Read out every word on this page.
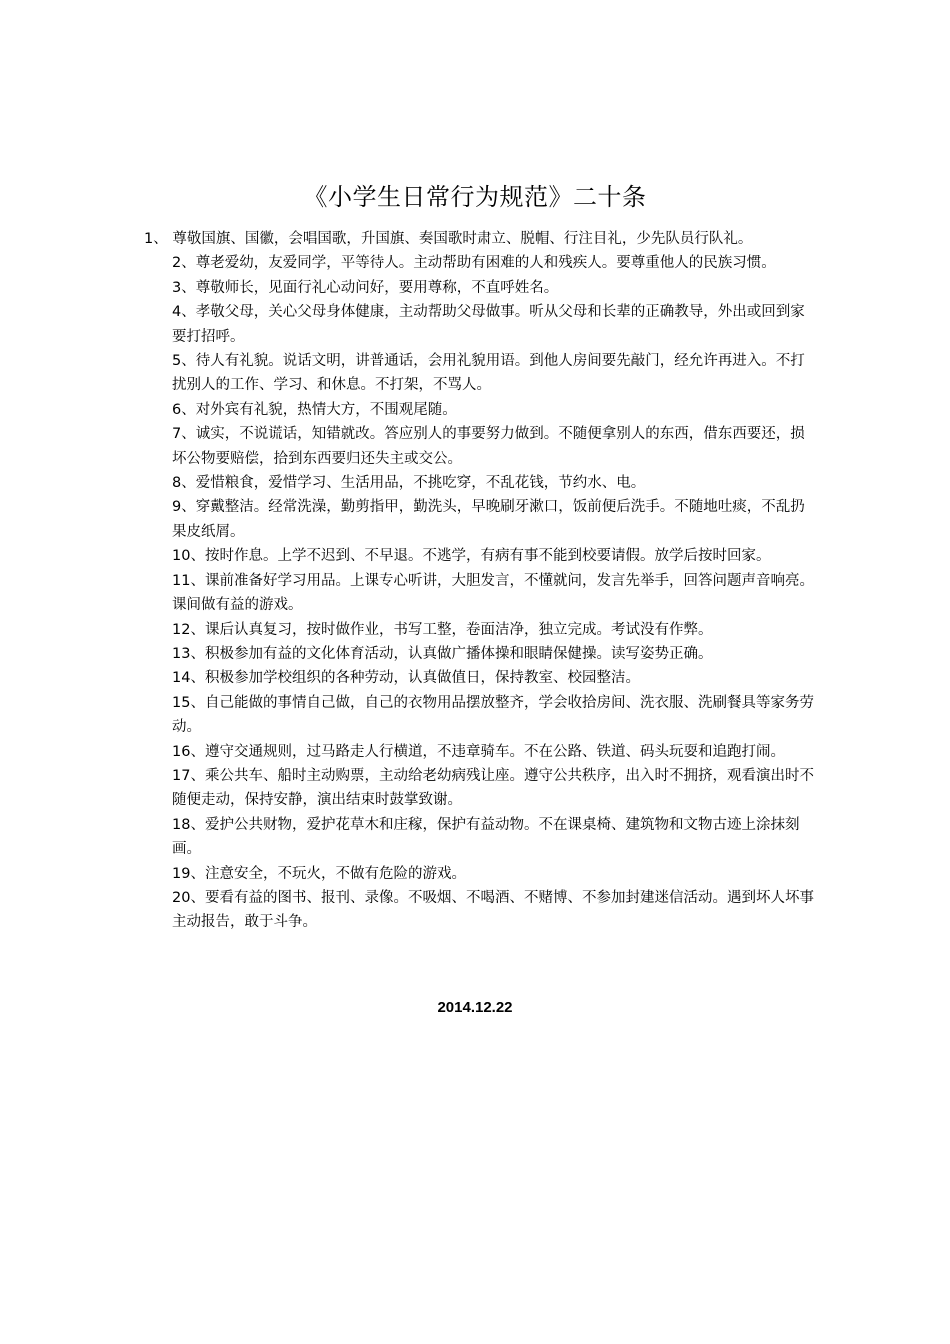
《小学生日常行为规范》二十条
1、 尊敬国旗、国徽，会唱国歌，升国旗、奏国歌时肃立、脱帽、行注目礼，少先队员行队礼。
2、尊老爱幼，友爱同学，平等待人。主动帮助有困难的人和残疾人。要尊重他人的民族习惯。
3、尊敬师长，见面行礼心动问好，要用尊称，不直呼姓名。
4、孝敬父母，关心父母身体健康，主动帮助父母做事。听从父母和长辈的正确教导，外出或回到家要打招呼。
5、待人有礼貌。说话文明，讲普通话，会用礼貌用语。到他人房间要先敲门，经允许再进入。不打扰别人的工作、学习、和休息。不打架，不骂人。
6、对外宾有礼貌，热情大方，不围观尾随。
7、诚实，不说谎话，知错就改。答应别人的事要努力做到。不随便拿别人的东西，借东西要还，损坏公物要赔偿，拾到东西要归还失主或交公。
8、爱惜粮食，爱惜学习、生活用品，不挑吃穿，不乱花钱，节约水、电。
9、穿戴整洁。经常洗澡，勤剪指甲，勤洗头，早晚刷牙漱口，饭前便后洗手。不随地吐痰，不乱扔果皮纸屑。
10、按时作息。上学不迟到、不早退。不逃学，有病有事不能到校要请假。放学后按时回家。
11、课前准备好学习用品。上课专心听讲，大胆发言，不懂就问，发言先举手，回答问题声音响亮。课间做有益的游戏。
12、课后认真复习，按时做作业，书写工整，卷面洁净，独立完成。考试没有作弊。
13、积极参加有益的文化体育活动，认真做广播体操和眼睛保健操。读写姿势正确。
14、积极参加学校组织的各种劳动，认真做值日，保持教室、校园整洁。
15、自己能做的事情自己做，自己的衣物用品摆放整齐，学会收拾房间、洗衣服、洗刷餐具等家务劳动。
16、遵守交通规则，过马路走人行横道，不违章骑车。不在公路、铁道、码头玩耍和追跑打闹。
17、乘公共车、船时主动购票，主动给老幼病残让座。遵守公共秩序，出入时不拥挤，观看演出时不随便走动，保持安静，演出结束时鼓掌致谢。
18、爱护公共财物，爱护花草木和庄稼，保护有益动物。不在课桌椅、建筑物和文物古迹上涂抹刻画。
19、注意安全，不玩火，不做有危险的游戏。
20、要看有益的图书、报刊、录像。不吸烟、不喝酒、不赌博、不参加封建迷信活动。遇到坏人坏事主动报告，敢于斗争。
2014.12.22
